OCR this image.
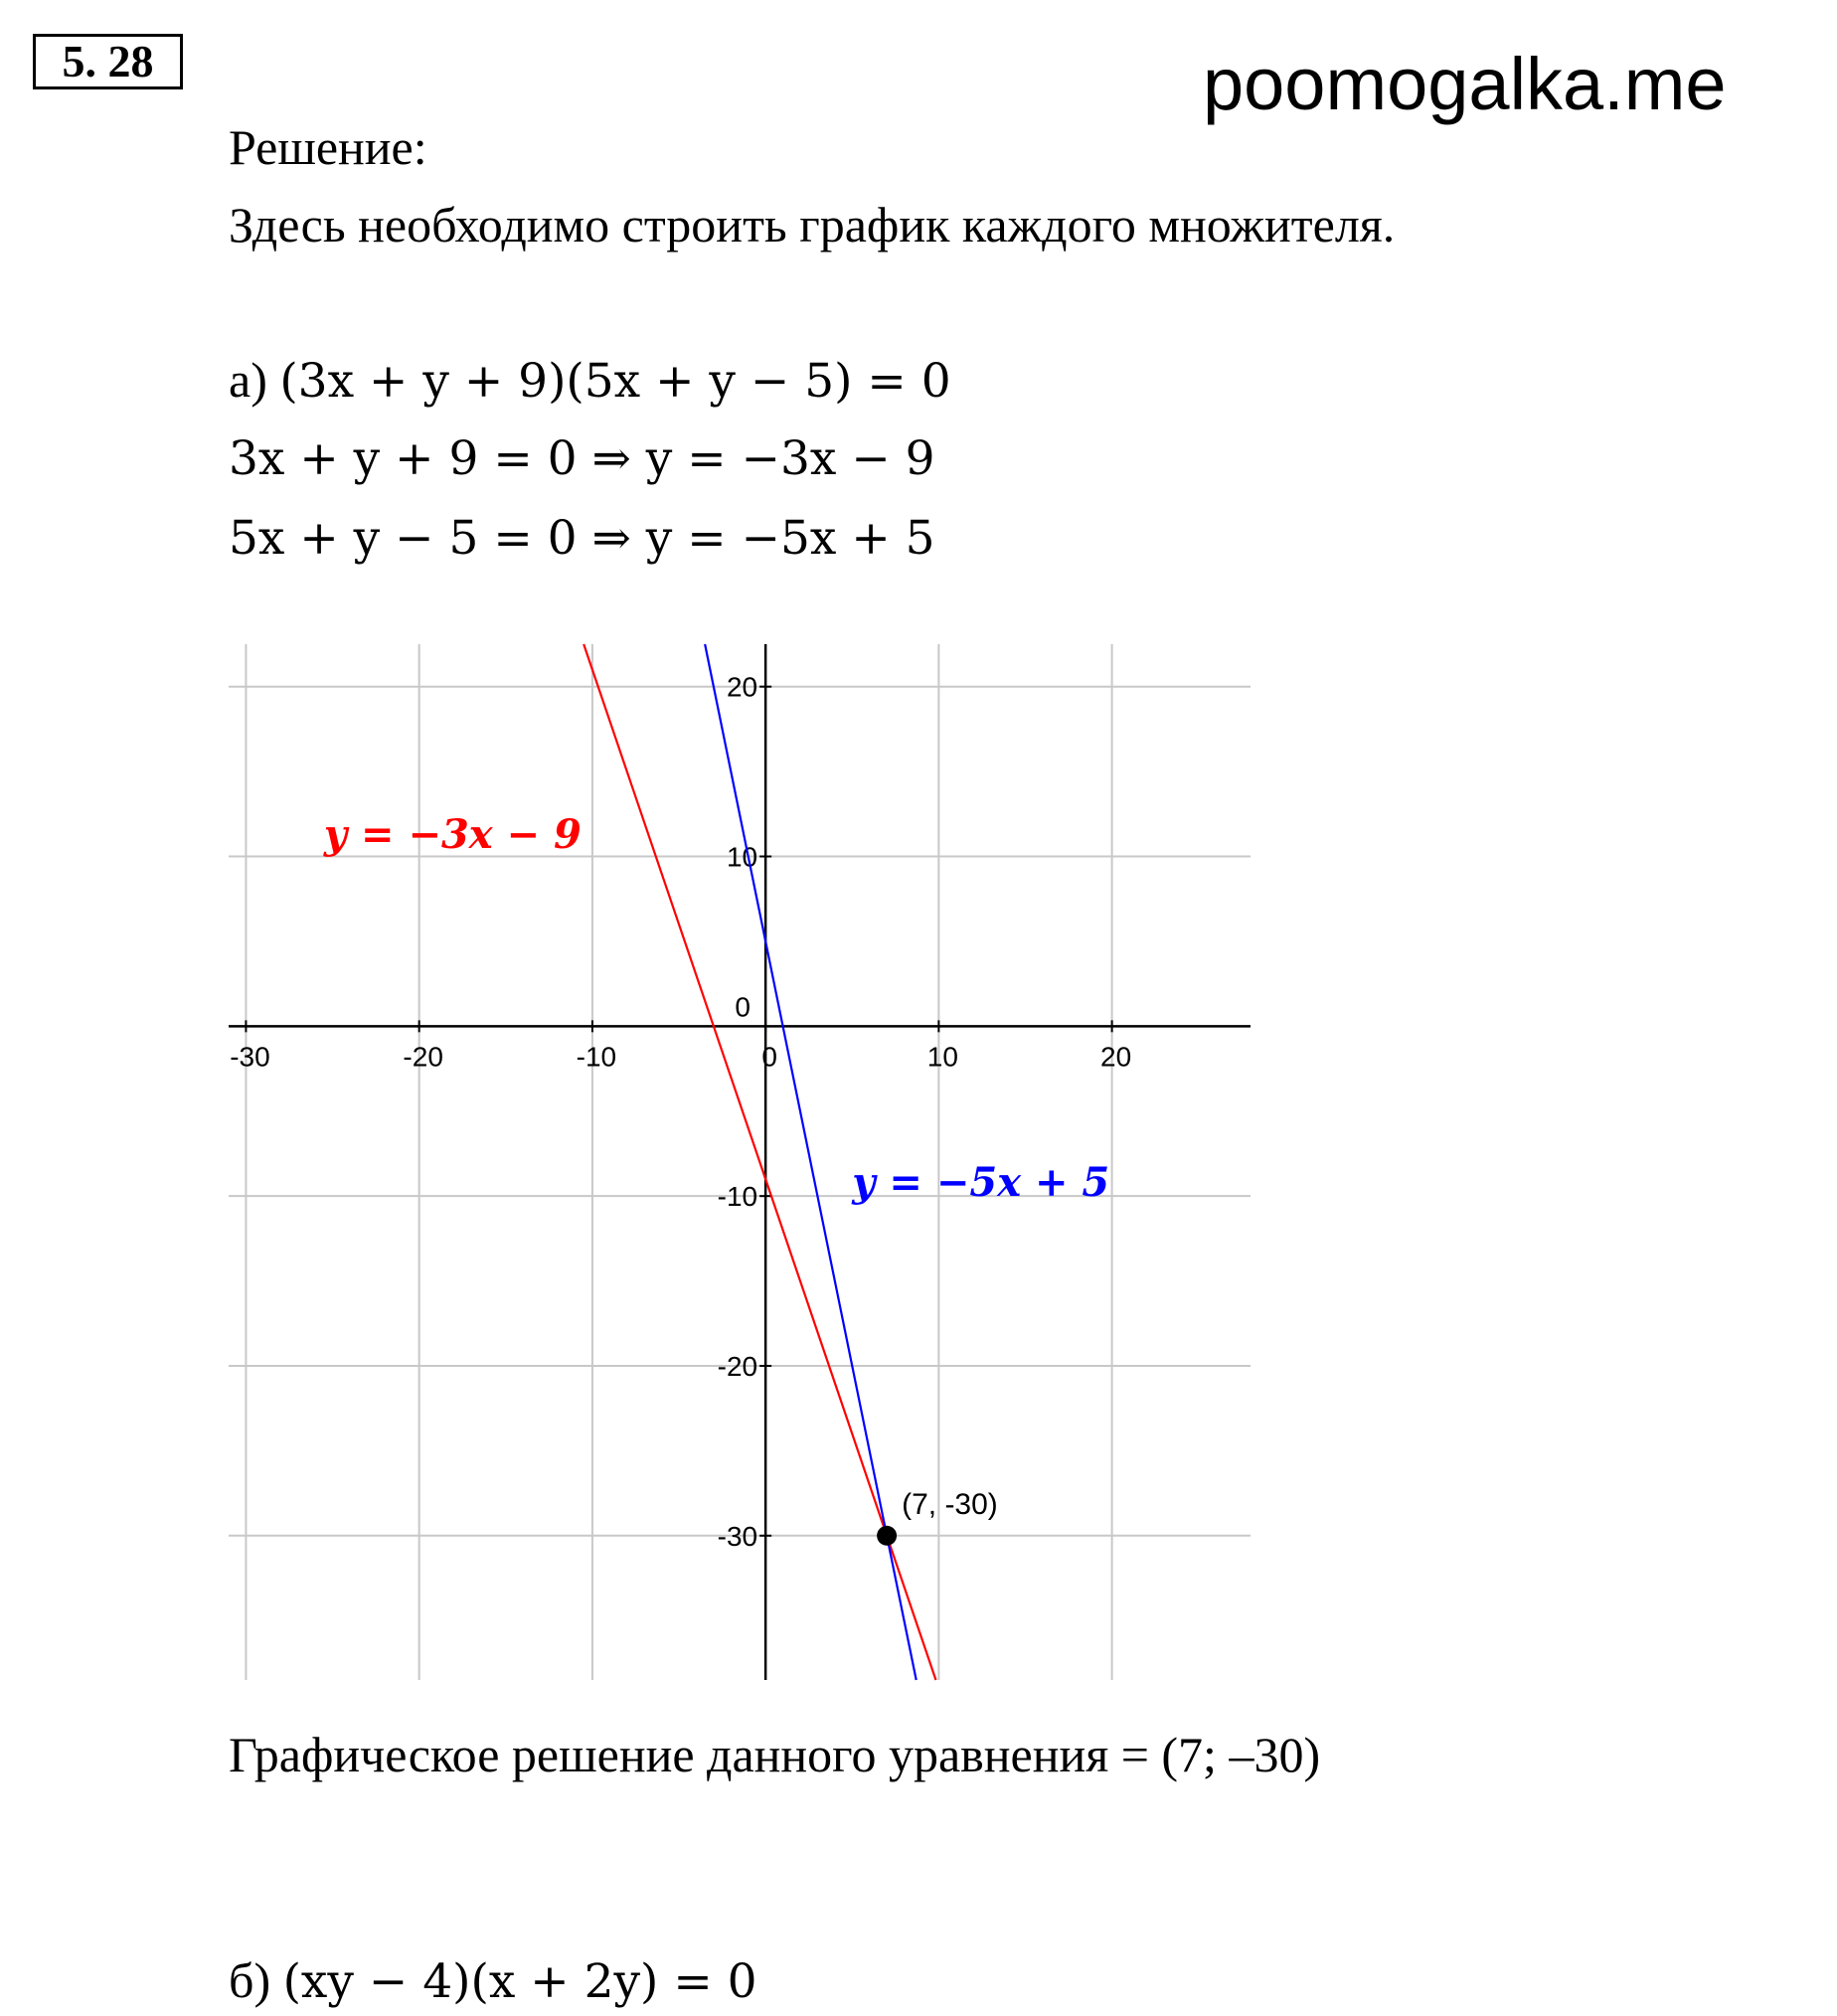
5. 28	poomogalka.me
Решение:
Здесь необходимо строить график каждого множителя.
а) (3x + y + 9)(5x + y − 5) = 0
3x + y + 9 = 0 ⇒ y = −3x − 9
5x + y − 5 = 0 ⇒ y = −5x + 5
-30	-20	-10	0	10	20
20
10
0
-10
-20
-30
y = −3x − 9
y = −5x + 5
(7, -30)
Графическое решение данного уравнения = (7; –30)
б) (xy − 4)(x + 2y) = 0
